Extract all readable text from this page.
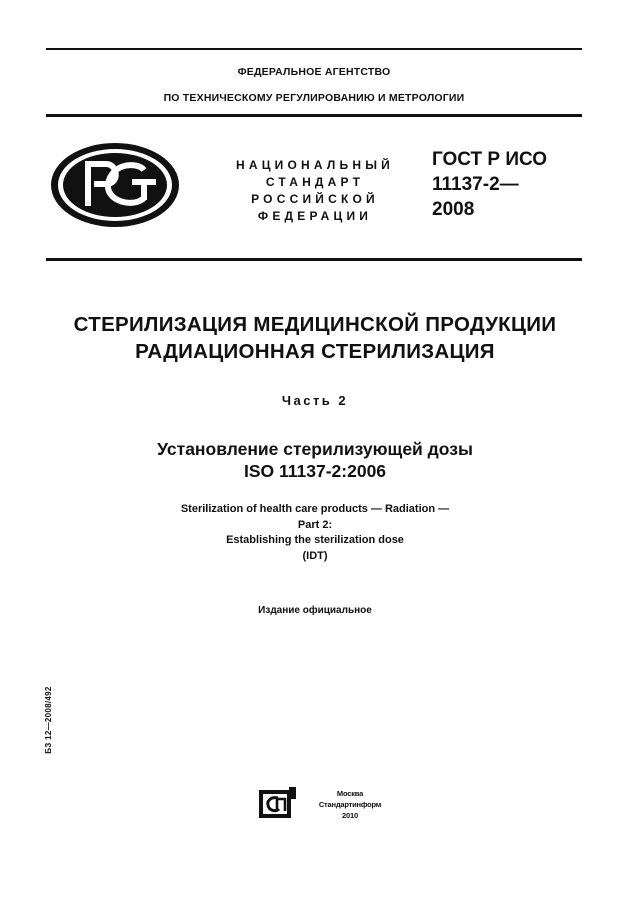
ФЕДЕРАЛЬНОЕ АГЕНТСТВО
ПО ТЕХНИЧЕСКОМУ РЕГУЛИРОВАНИЮ И МЕТРОЛОГИИ
НАЦИОНАЛЬНЫЙ
СТАНДАРТ
РОССИЙСКОЙ
ФЕДЕРАЦИИ
ГОСТ Р ИСО
11137-2—
2008
СТЕРИЛИЗАЦИЯ МЕДИЦИНСКОЙ ПРОДУКЦИИ
РАДИАЦИОННАЯ СТЕРИЛИЗАЦИЯ
Часть 2
Установление стерилизующей дозы
ISO 11137-2:2006
Sterilization of health care products — Radiation —
Part 2:
Establishing the sterilization dose
(IDT)
Издание официальное
БЗ 12—2008/492
Москва
Стандартинформ
2010
